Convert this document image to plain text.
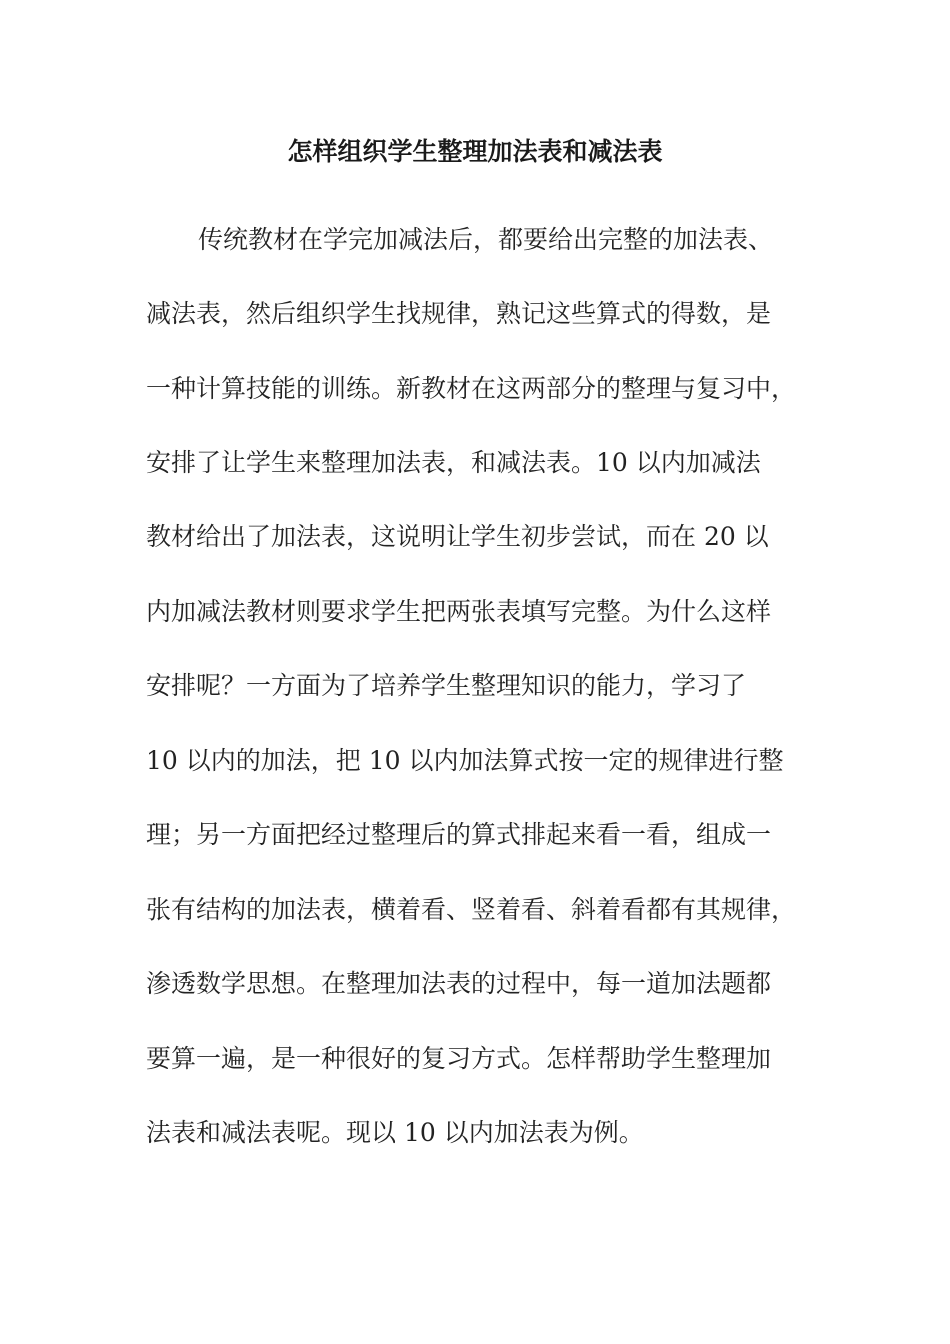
怎样组织学生整理加法表和减法表
传统教材在学完加减法后，都要给出完整的加法表、
减法表，然后组织学生找规律，熟记这些算式的得数，是
一种计算技能的训练。新教材在这两部分的整理与复习中，
安排了让学生来整理加法表，和减法表。10 以内加减法
教材给出了加法表，这说明让学生初步尝试，而在 20 以
内加减法教材则要求学生把两张表填写完整。为什么这样
安排呢？一方面为了培养学生整理知识的能力，学习了
10 以内的加法，把 10 以内加法算式按一定的规律进行整
理；另一方面把经过整理后的算式排起来看一看，组成一
张有结构的加法表，横着看、竖着看、斜着看都有其规律，
渗透数学思想。在整理加法表的过程中，每一道加法题都
要算一遍，是一种很好的复习方式。怎样帮助学生整理加
法表和减法表呢。现以 10 以内加法表为例。
